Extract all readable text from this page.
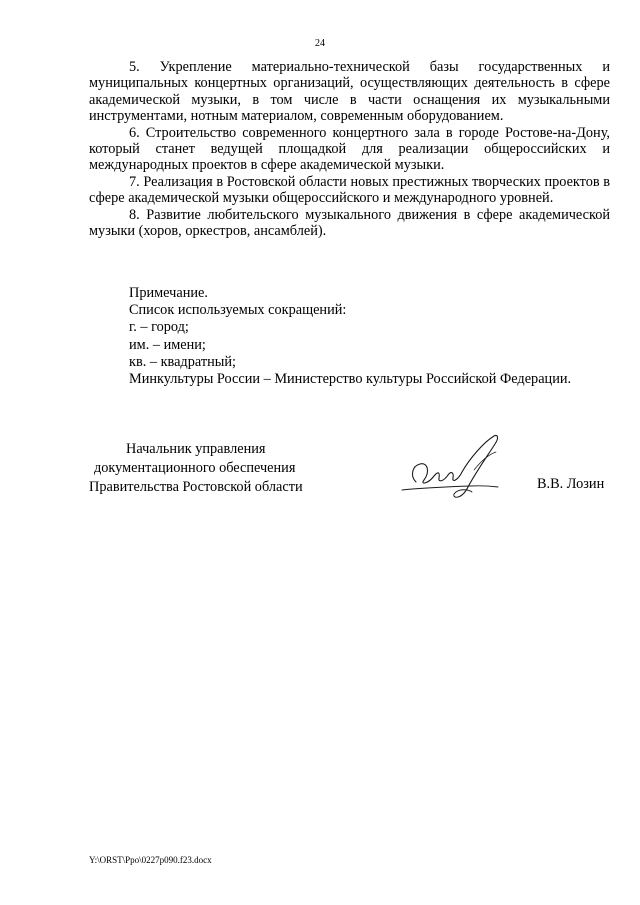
24

5. Укрепление материально-технической базы государственных и муниципальных концертных организаций, осуществляющих деятельность в сфере академической музыки, в том числе в части оснащения их музыкальными инструментами, нотным материалом, современным оборудованием.

6. Строительство современного концертного зала в городе Ростове-на-Дону, который станет ведущей площадкой для реализации общероссийских и международных проектов в сфере академической музыки.

7. Реализация в Ростовской области новых престижных творческих проектов в сфере академической музыки общероссийского и международного уровней.

8. Развитие любительского музыкального движения в сфере академической музыки (хоров, оркестров, ансамблей).

Примечание.
Список используемых сокращений:
г. – город;
им. – имени;
кв. – квадратный;
Минкультуры России – Министерство культуры Российской Федерации.
Начальник управления
документационного обеспечения
Правительства Ростовской области	В.В. Лозин
Y:\ORST\Ppo\0227p090.f23.docx
